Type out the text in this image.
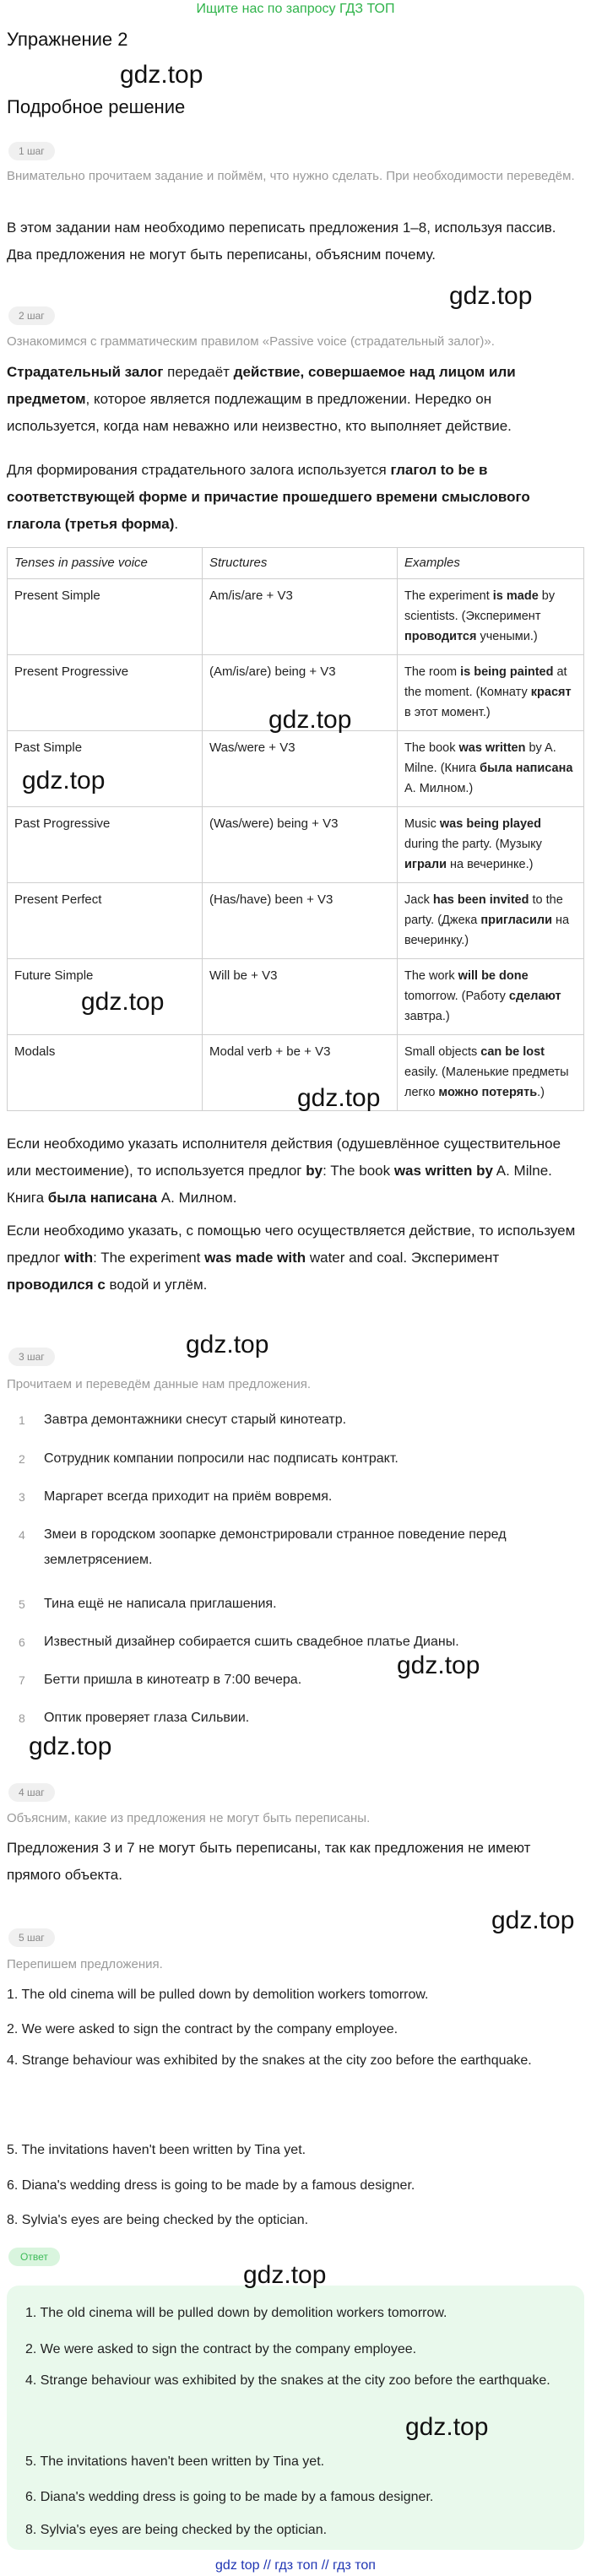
Ищите нас по запросу ГДЗ ТОП
Упражнение 2
gdz.top
Подробное решение
1 шаг
Внимательно прочитаем задание и поймём, что нужно сделать. При необходимости переведём.
В этом задании нам необходимо переписать предложения 1–8, используя пассив. Два предложения не могут быть переписаны, объясним почему.
gdz.top
2 шаг
Ознакомимся с грамматическим правилом «Passive voice (страдательный залог)».
Страдательный залог передаёт действие, совершаемое над лицом или предметом, которое является подлежащим в предложении. Нередко он используется, когда нам неважно или неизвестно, кто выполняет действие.
Для формирования страдательного залога используется глагол to be в соответствующей форме и причастие прошедшего времени смыслового глагола (третья форма).
Tenses in passive voice	Structures	Examples
Present Simple	Am/is/are + V3	The experiment is made by scientists. (Эксперимент проводится учеными.)
Present Progressive	(Am/is/are) being + V3	The room is being painted at the moment. (Комнату красят в этот момент.)
Past Simple	Was/were + V3	The book was written by A. Milne. (Книга была написана А. Милном.)
Past Progressive	(Was/were) being + V3	Music was being played during the party. (Музыку играли на вечеринке.)
Present Perfect	(Has/have) been + V3	Jack has been invited to the party. (Джека пригласили на вечеринку.)
Future Simple	Will be + V3	The work will be done tomorrow. (Работу сделают завтра.)
Modals	Modal verb + be + V3	Small objects can be lost easily. (Маленькие предметы легко можно потерять.)
gdz.top
gdz.top
gdz.top
gdz.top
Если необходимо указать исполнителя действия (одушевлённое существительное или местоимение), то используется предлог by: The book was written by A. Milne. Книга была написана А. Милном.
Если необходимо указать, с помощью чего осуществляется действие, то используем предлог with: The experiment was made with water and coal. Эксперимент проводился с водой и углём.
gdz.top
3 шаг
Прочитаем и переведём данные нам предложения.
1 Завтра демонтажники снесут старый кинотеатр.
2 Сотрудник компании попросили нас подписать контракт.
3 Маргарет всегда приходит на приём вовремя.
4 Змеи в городском зоопарке демонстрировали странное поведение перед землетрясением.
5 Тина ещё не написала приглашения.
6 Известный дизайнер собирается сшить свадебное платье Дианы.
7 Бетти пришла в кинотеатр в 7:00 вечера.
8 Оптик проверяет глаза Сильвии.
gdz.top
gdz.top
4 шаг
Объясним, какие из предложения не могут быть переписаны.
Предложения 3 и 7 не могут быть переписаны, так как предложения не имеют прямого объекта.
gdz.top
5 шаг
Перепишем предложения.
1. The old cinema will be pulled down by demolition workers tomorrow.
2. We were asked to sign the contract by the company employee.
4. Strange behaviour was exhibited by the snakes at the city zoo before the earthquake.
5. The invitations haven't been written by Tina yet.
6. Diana's wedding dress is going to be made by a famous designer.
8. Sylvia's eyes are being checked by the optician.
Ответ
gdz.top
1. The old cinema will be pulled down by demolition workers tomorrow.
2. We were asked to sign the contract by the company employee.
4. Strange behaviour was exhibited by the snakes at the city zoo before the earthquake.
5. The invitations haven't been written by Tina yet.
6. Diana's wedding dress is going to be made by a famous designer.
8. Sylvia's eyes are being checked by the optician.
gdz.top
gdz top // гдз топ // гдз топ
